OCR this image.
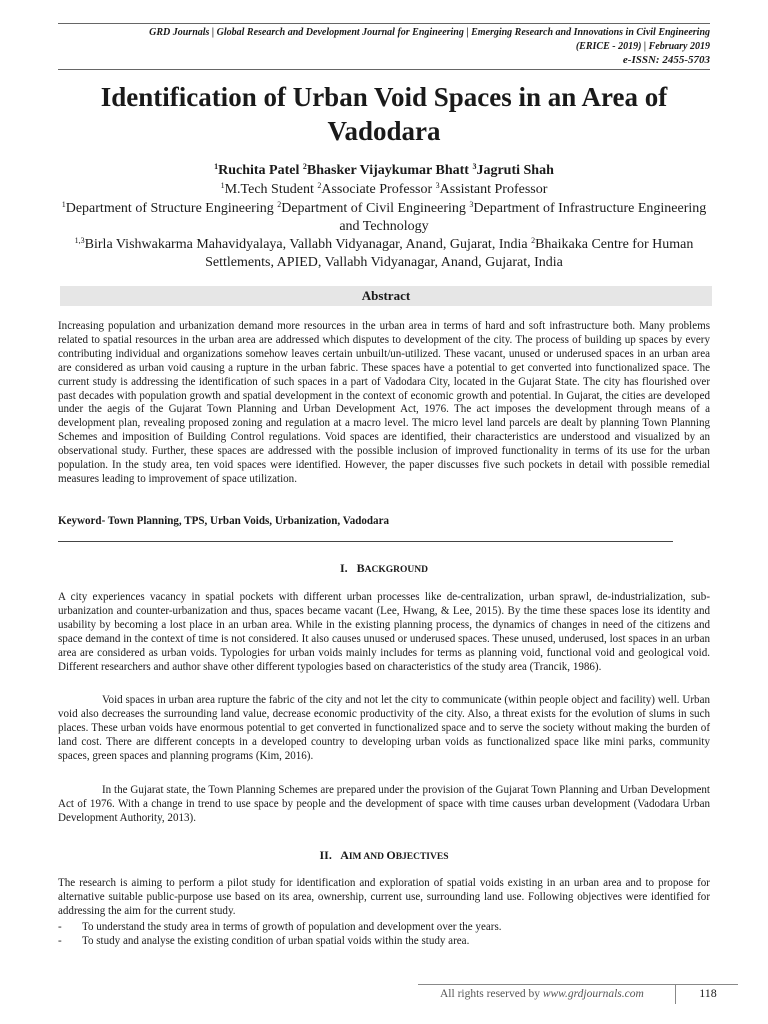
GRD Journals | Global Research and Development Journal for Engineering | Emerging Research and Innovations in Civil Engineering
(ERICE - 2019) | February 2019
e-ISSN: 2455-5703
Identification of Urban Void Spaces in an Area of
Vadodara
$^1$Ruchita Patel $^2$Bhasker Vijaykumar Bhatt $^3$Jagruti Shah
$^1$M.Tech Student $^2$Associate Professor $^3$Assistant Professor
$^1$Department of Structure Engineering $^2$Department of Civil Engineering $^3$Department of Infrastructure Engineering and Technology
$^{1,3}$Birla Vishwakarma Mahavidyalaya, Vallabh Vidyanagar, Anand, Gujarat, India $^2$Bhaikaka Centre for Human Settlements, APIED, Vallabh Vidyanagar, Anand, Gujarat, India
Abstract
Increasing population and urbanization demand more resources in the urban area in terms of hard and soft infrastructure both. Many problems related to spatial resources in the urban area are addressed which disputes to development of the city. The process of building up spaces by every contributing individual and organizations somehow leaves certain unbuilt/un-utilized. These vacant, unused or underused spaces in an urban area are considered as urban void causing a rupture in the urban fabric. These spaces have a potential to get converted into functionalized space. The current study is addressing the identification of such spaces in a part of Vadodara City, located in the Gujarat State. The city has flourished over past decades with population growth and spatial development in the context of economic growth and potential. In Gujarat, the cities are developed under the aegis of the Gujarat Town Planning and Urban Development Act, 1976. The act imposes the development through means of a development plan, revealing proposed zoning and regulation at a macro level. The micro level land parcels are dealt by planning Town Planning Schemes and imposition of Building Control regulations. Void spaces are identified, their characteristics are understood and visualized by an observational study. Further, these spaces are addressed with the possible inclusion of improved functionality in terms of its use for the urban population. In the study area, ten void spaces were identified. However, the paper discusses five such pockets in detail with possible remedial measures leading to improvement of space utilization.
Keyword- Town Planning, TPS, Urban Voids, Urbanization, Vadodara
I. BACKGROUND

A city experiences vacancy in spatial pockets with different urban processes like de-centralization, urban sprawl, de-industrialization, sub-urbanization and counter-urbanization and thus, spaces became vacant (Lee, Hwang, & Lee, 2015). By the time these spaces lose its identity and usability by becoming a lost place in an urban area. While in the existing planning process, the dynamics of changes in need of the citizens and space demand in the context of time is not considered. It also causes unused or underused spaces. These unused, underused, lost spaces in an urban area are considered as urban voids. Typologies for urban voids mainly includes for terms as planning void, functional void and geological void. Different researchers and author shave other different typologies based on characteristics of the study area (Trancik, 1986).

Void spaces in urban area rupture the fabric of the city and not let the city to communicate (within people object and facility) well. Urban void also decreases the surrounding land value, decrease economic productivity of the city. Also, a threat exists for the evolution of slums in such places. These urban voids have enormous potential to get converted in functionalized space and to serve the society without making the burden of land cost. There are different concepts in a developed country to developing urban voids as functionalized space like mini parks, community spaces, green spaces and planning programs (Kim, 2016).

In the Gujarat state, the Town Planning Schemes are prepared under the provision of the Gujarat Town Planning and Urban Development Act of 1976. With a change in trend to use space by people and the development of space with time causes urban development (Vadodara Urban Development Authority, 2013).

II. AIM AND OBJECTIVES

The research is aiming to perform a pilot study for identification and exploration of spatial voids existing in an urban area and to propose for alternative suitable public-purpose use based on its area, ownership, current use, surrounding land use. Following objectives were identified for addressing the aim for the current study.

- To understand the study area in terms of growth of population and development over the years.
- To study and analyse the existing condition of urban spatial voids within the study area.
All rights reserved by www.grdjournals.com	118
